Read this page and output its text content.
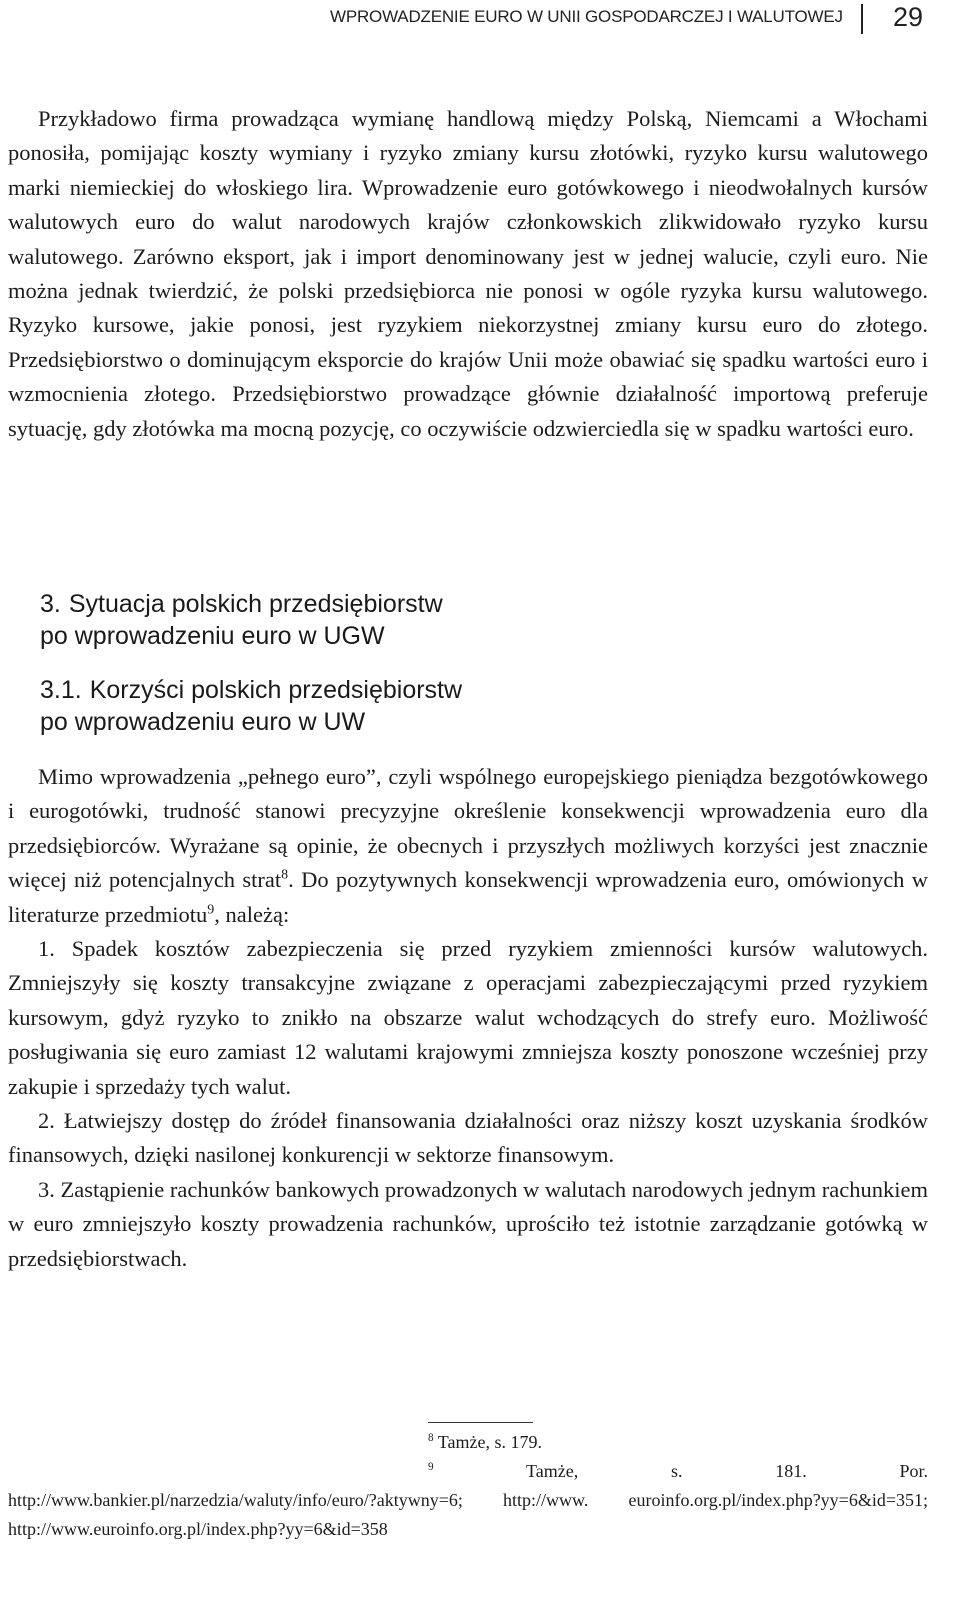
WPROWADZENIE EURO W UNII GOSPODARCZEJ I WALUTOWEJ 29

Przykładowo firma prowadząca wymianę handlową między Polską, Niemcami a Włochami ponosiła, pomijając koszty wymiany i ryzyko zmiany kursu złotówki, ryzyko kursu walutowego marki niemieckiej do włoskiego lira. Wprowadzenie euro gotówkowego i nieodwołalnych kursów walutowych euro do walut narodowych krajów członkowskich zlikwidowało ryzyko kursu walutowego. Zarówno eksport, jak i import denominowany jest w jednej walucie, czyli euro. Nie można jednak twierdzić, że polski przedsiębiorca nie ponosi w ogóle ryzyka kursu walutowego. Ryzyko kursowe, jakie ponosi, jest ryzykiem niekorzystnej zmiany kursu euro do złotego. Przedsiębiorstwo o dominującym eksporcie do krajów Unii może obawiać się spadku wartości euro i wzmocnienia złotego. Przedsiębiorstwo prowadzące głównie działalność importową preferuje sytuację, gdy złotówka ma mocną pozycję, co oczywiście odzwierciedla się w spadku wartości euro.

3. Sytuacja polskich przedsiębiorstw
po wprowadzeniu euro w UGW
3.1. Korzyści polskich przedsiębiorstw
po wprowadzeniu euro w UW

Mimo wprowadzenia „pełnego euro”, czyli wspólnego europejskiego pieniądza bezgotówkowego i eurogotówki, trudność stanowi precyzyjne określenie konsekwencji wprowadzenia euro dla przedsiębiorców. Wyrażane są opinie, że obecnych i przyszłych możliwych korzyści jest znacznie więcej niż potencjalnych strat$^8$. Do pozytywnych konsekwencji wprowadzenia euro, omówionych w literaturze przedmiotu$^9$, należą:

1. Spadek kosztów zabezpieczenia się przed ryzykiem zmienności kursów walutowych. Zmniejszyły się koszty transakcyjne związane z operacjami zabezpieczającymi przed ryzykiem kursowym, gdyż ryzyko to znikło na obszarze walut wchodzących do strefy euro. Możliwość posługiwania się euro zamiast 12 walutami krajowymi zmniejsza koszty ponoszone wcześniej przy zakupie i sprzedaży tych walut.

2. Łatwiejszy dostęp do źródeł finansowania działalności oraz niższy koszt uzyskania środków finansowych, dzięki nasilonej konkurencji w sektorze finansowym.

3. Zastąpienie rachunków bankowych prowadzonych w walutach narodowych jednym rachunkiem w euro zmniejszyło koszty prowadzenia rachunków, uprościło też istotnie zarządzanie gotówką w przedsiębiorstwach.

$^8$ Tamże, s. 179.

$^9$	Tamże, s. 181. Por. http://www.bankier.pl/narzedzia/waluty/info/euro/?aktywny=6; http://www. euroinfo.org.pl/index.php?yy=6&id=351; http://www.euroinfo.org.pl/index.php?yy=6&id=358
